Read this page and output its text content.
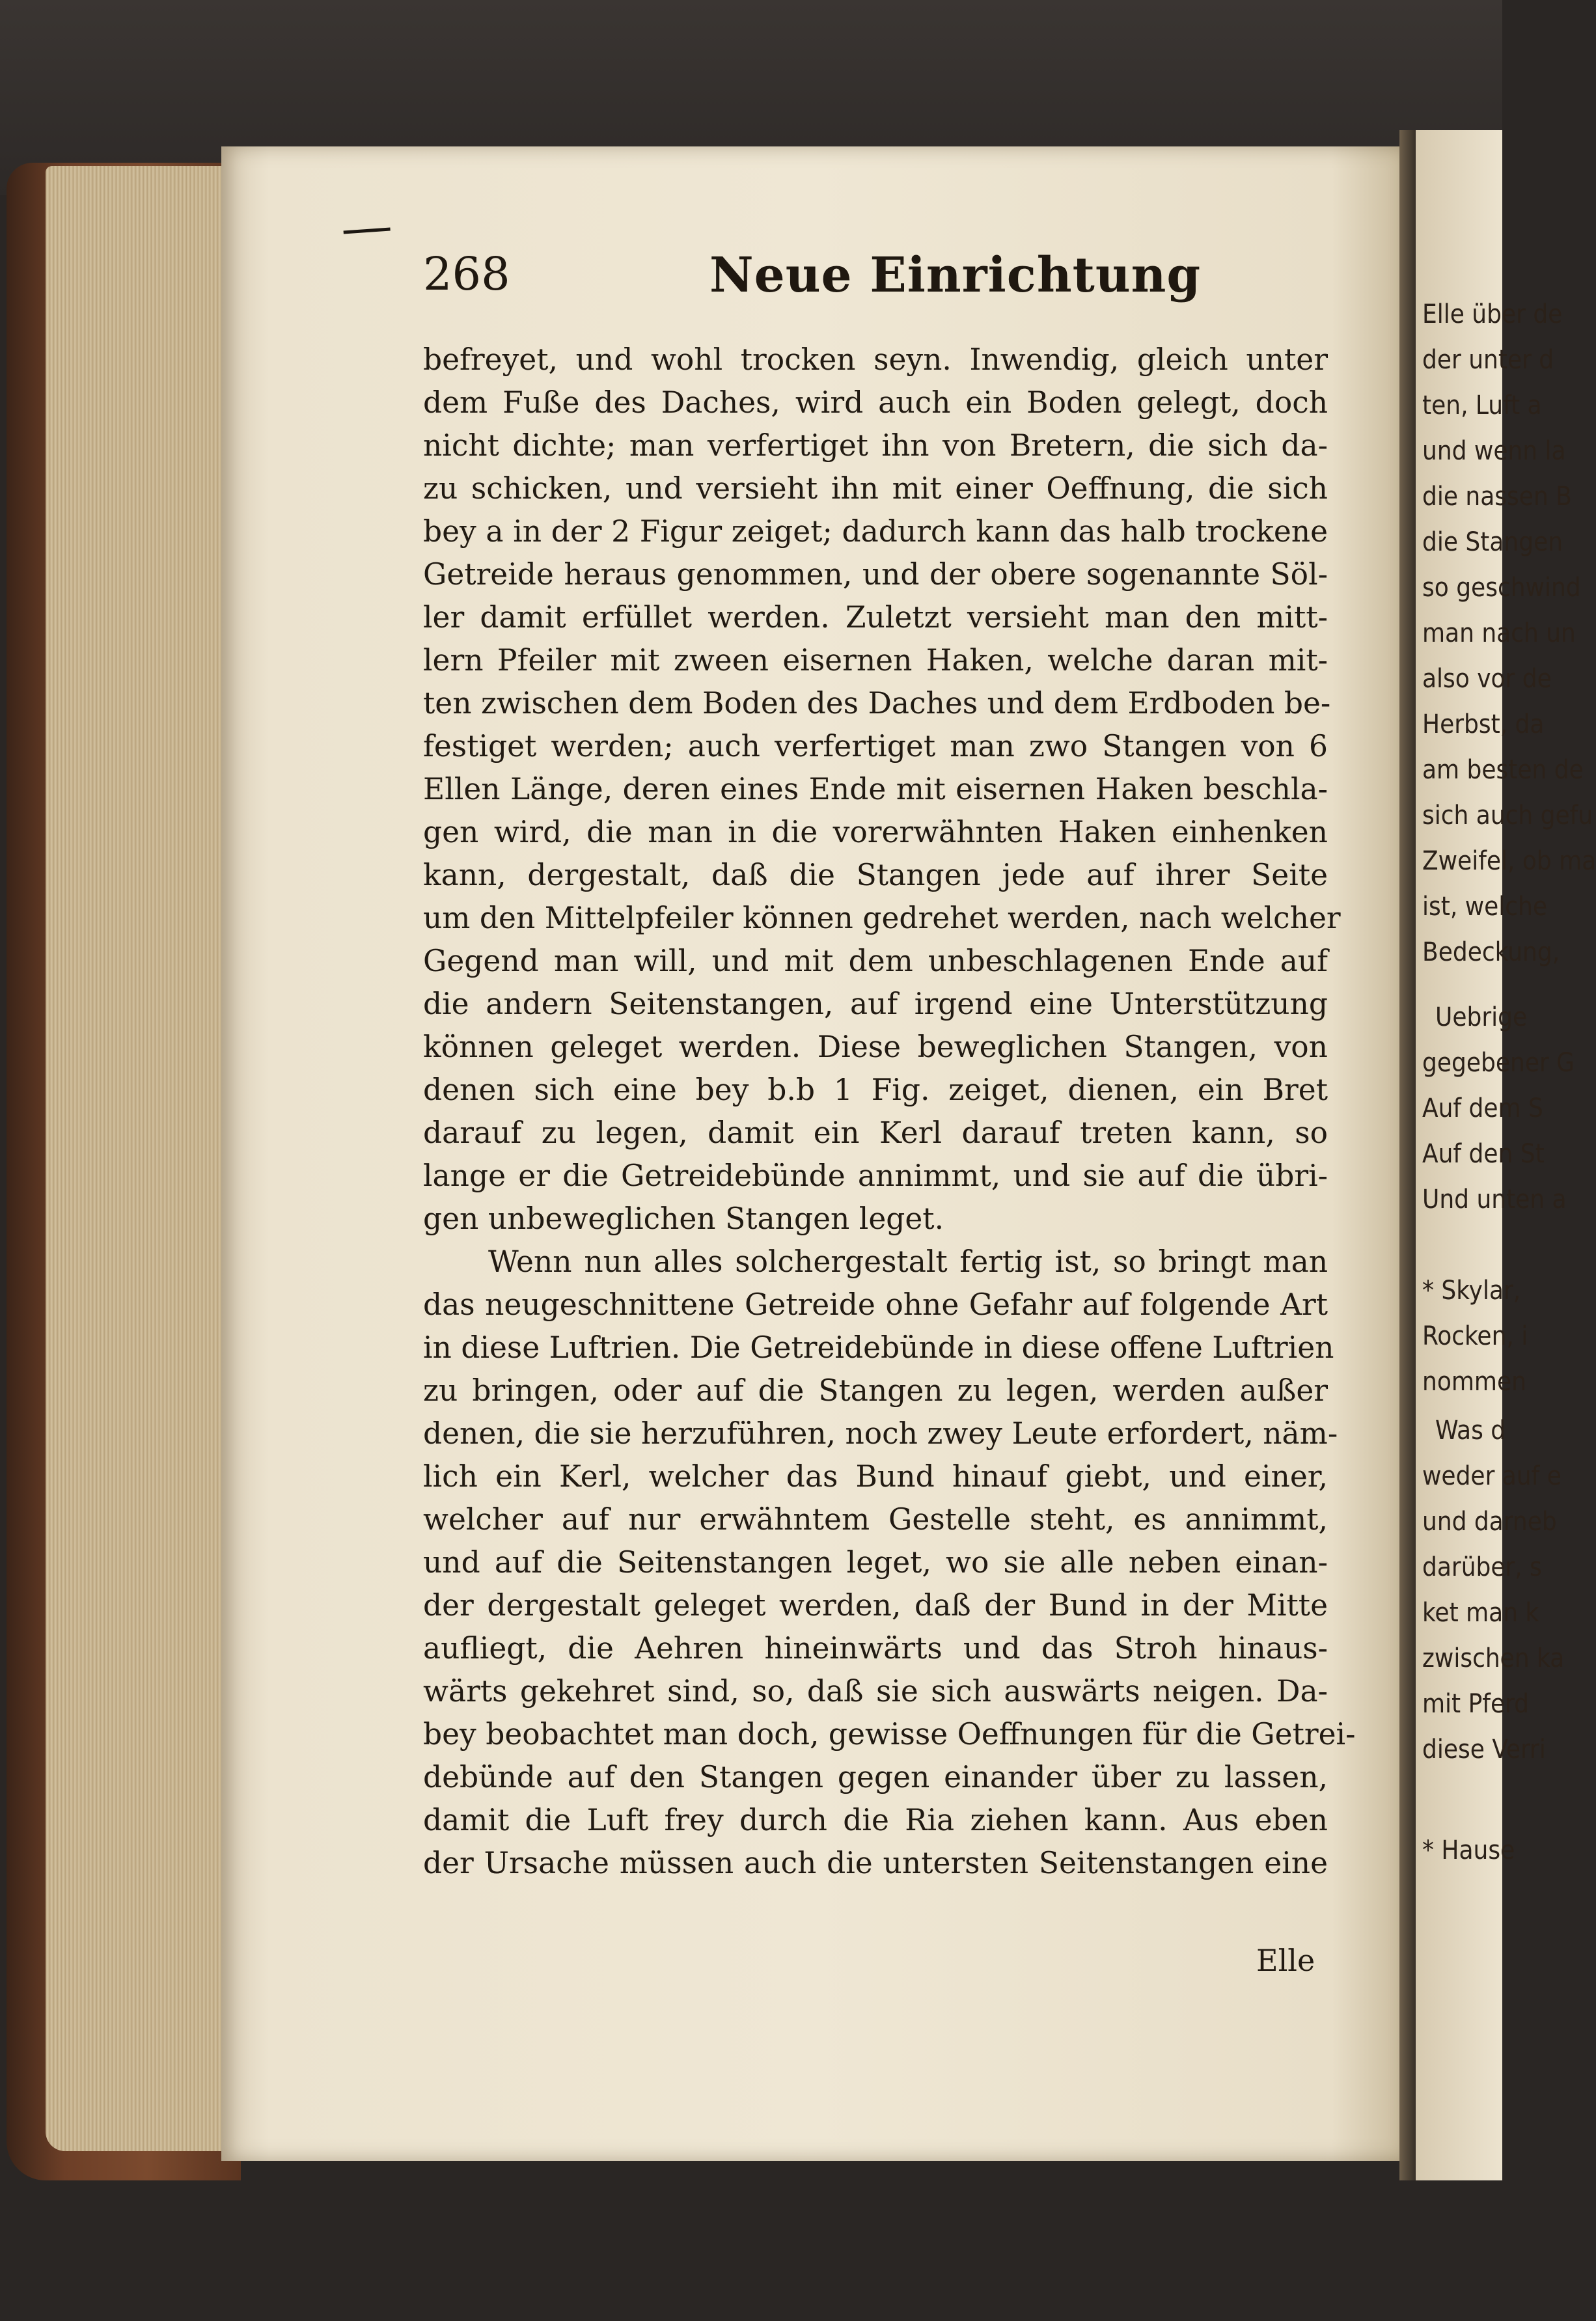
Elle über de
der unter d
ten, Luft a
und wenn la
die nassen B
die Stangen
so geschwind
man nach un
also vor de
Herbst, da
am besten de
sich auch gefu
Zweifel, ob ma
ist, welche
Bedeckung,
Uebrige
gegebener G
Auf dem S
Auf den St
Und unten a
* Skylar,
Rocken, i
nommen
Was d
weder auf e
und darneb
darüber, s
ket man k
zwischen ka
mit Pferd
diese Verri
* Hause
268	Neue Einrichtung
befreyet, und wohl trocken seyn. Inwendig, gleich unter
dem Fuße des Daches, wird auch ein Boden gelegt, doch
nicht dichte; man verfertiget ihn von Bretern, die sich da-
zu schicken, und versieht ihn mit einer Oeffnung, die sich
bey a in der 2 Figur zeiget; dadurch kann das halb trockene
Getreide heraus genommen, und der obere sogenannte Söl-
ler damit erfüllet werden. Zuletzt versieht man den mitt-
lern Pfeiler mit zween eisernen Haken, welche daran mit-
ten zwischen dem Boden des Daches und dem Erdboden be-
festiget werden; auch verfertiget man zwo Stangen von 6
Ellen Länge, deren eines Ende mit eisernen Haken beschla-
gen wird, die man in die vorerwähnten Haken einhenken
kann, dergestalt, daß die Stangen jede auf ihrer Seite
um den Mittelpfeiler können gedrehet werden, nach welcher
Gegend man will, und mit dem unbeschlagenen Ende auf
die andern Seitenstangen, auf irgend eine Unterstützung
können geleget werden. Diese beweglichen Stangen, von
denen sich eine bey b.b 1 Fig. zeiget, dienen, ein Bret
darauf zu legen, damit ein Kerl darauf treten kann, so
lange er die Getreidebünde annimmt, und sie auf die übri-
gen unbeweglichen Stangen leget.
Wenn nun alles solchergestalt fertig ist, so bringt man
das neugeschnittene Getreide ohne Gefahr auf folgende Art
in diese Luftrien. Die Getreidebünde in diese offene Luftrien
zu bringen, oder auf die Stangen zu legen, werden außer
denen, die sie herzuführen, noch zwey Leute erfordert, näm-
lich ein Kerl, welcher das Bund hinauf giebt, und einer,
welcher auf nur erwähntem Gestelle steht, es annimmt,
und auf die Seitenstangen leget, wo sie alle neben einan-
der dergestalt geleget werden, daß der Bund in der Mitte
aufliegt, die Aehren hineinwärts und das Stroh hinaus-
wärts gekehret sind, so, daß sie sich auswärts neigen. Da-
bey beobachtet man doch, gewisse Oeffnungen für die Getrei-
debünde auf den Stangen gegen einander über zu lassen,
damit die Luft frey durch die Ria ziehen kann. Aus eben
der Ursache müssen auch die untersten Seitenstangen eine
Elle
